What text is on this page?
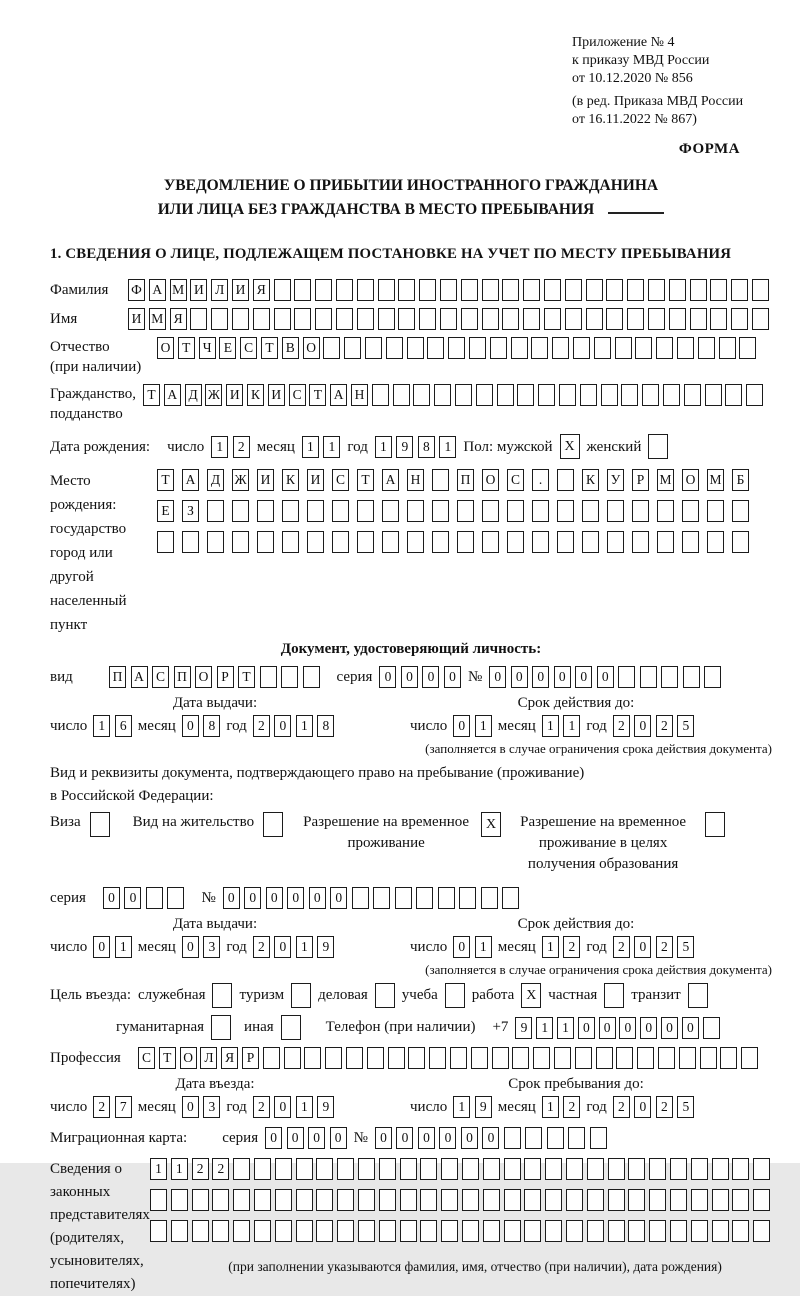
Приложение № 4
к приказу МВД России
от 10.12.2020 № 856
(в ред. Приказа МВД России
от 16.11.2022 № 867)
ФОРМА
УВЕДОМЛЕНИЕ О ПРИБЫТИИ ИНОСТРАННОГО ГРАЖДАНИНА
ИЛИ ЛИЦА БЕЗ ГРАЖДАНСТВА В МЕСТО ПРЕБЫВАНИЯ
1. СВЕДЕНИЯ О ЛИЦЕ, ПОДЛЕЖАЩЕМ ПОСТАНОВКЕ НА УЧЕТ ПО МЕСТУ ПРЕБЫВАНИЯ
Фамилия	Ф А М И Л И Я
Имя	И М Я
Отчество
(при наличии)
О Т Ч Е С Т В О
Гражданство,
подданство
Т А Д Ж И К И С Т А Н
Дата рождения: число 1	2 месяц 1	1 год 1	9	8	1 Пол: мужской X женский
Место рождения:
государство
город или другой
населенный пункт
Т	А Д Ж И К И С	Т	А Н	П О С	.	К У	Р	М О М	Б
Е	З
Документ, удостоверяющий личность:
вид	П А С П О Р	Т	серия 0	0	0	0 № 0	0	0	0	0	0
Дата выдачи:	Срок действия до:
число 1	6 месяц 0	8 год 2	0	1	8	число 0	1 месяц 1	1 год 2	0	2	5
(заполняется в случае ограничения срока действия документа)
Вид и реквизиты документа, подтверждающего право на пребывание (проживание)
в Российской Федерации:
Виза	Вид на жительство	Разрешение на временное проживание
X	Разрешение на временное проживание в целях получения образования
серия	0	0	№ 0	0	0	0	0	0
Дата выдачи:	Срок действия до:
число 0	1 месяц 0	3 год 2	0	1	9	число 0	1 месяц 1	2 год 2	0	2	5
(заполняется в случае ограничения срока действия документа)
Цель въезда: служебная туризм деловая учеба работа X частная транзит
гуманитарная	иная	Телефон (при наличии) +7 9	1	1	0	0	0	0	0	0
Профессия	С Т О Л Я Р
Дата въезда:	Срок пребывания до:
число 2	7 месяц 0	3 год 2	0	1	9	число 1	9 месяц 1	2 год 2	0	2	5
Миграционная карта: серия 0	0	0	0 № 0	0	0	0	0	0
Сведения о
законных
представителях
(родителях,
усыновителях,
попечителях)
1	1	2	2
(при заполнении указываются фамилия, имя, отчество (при наличии), дата рождения)
